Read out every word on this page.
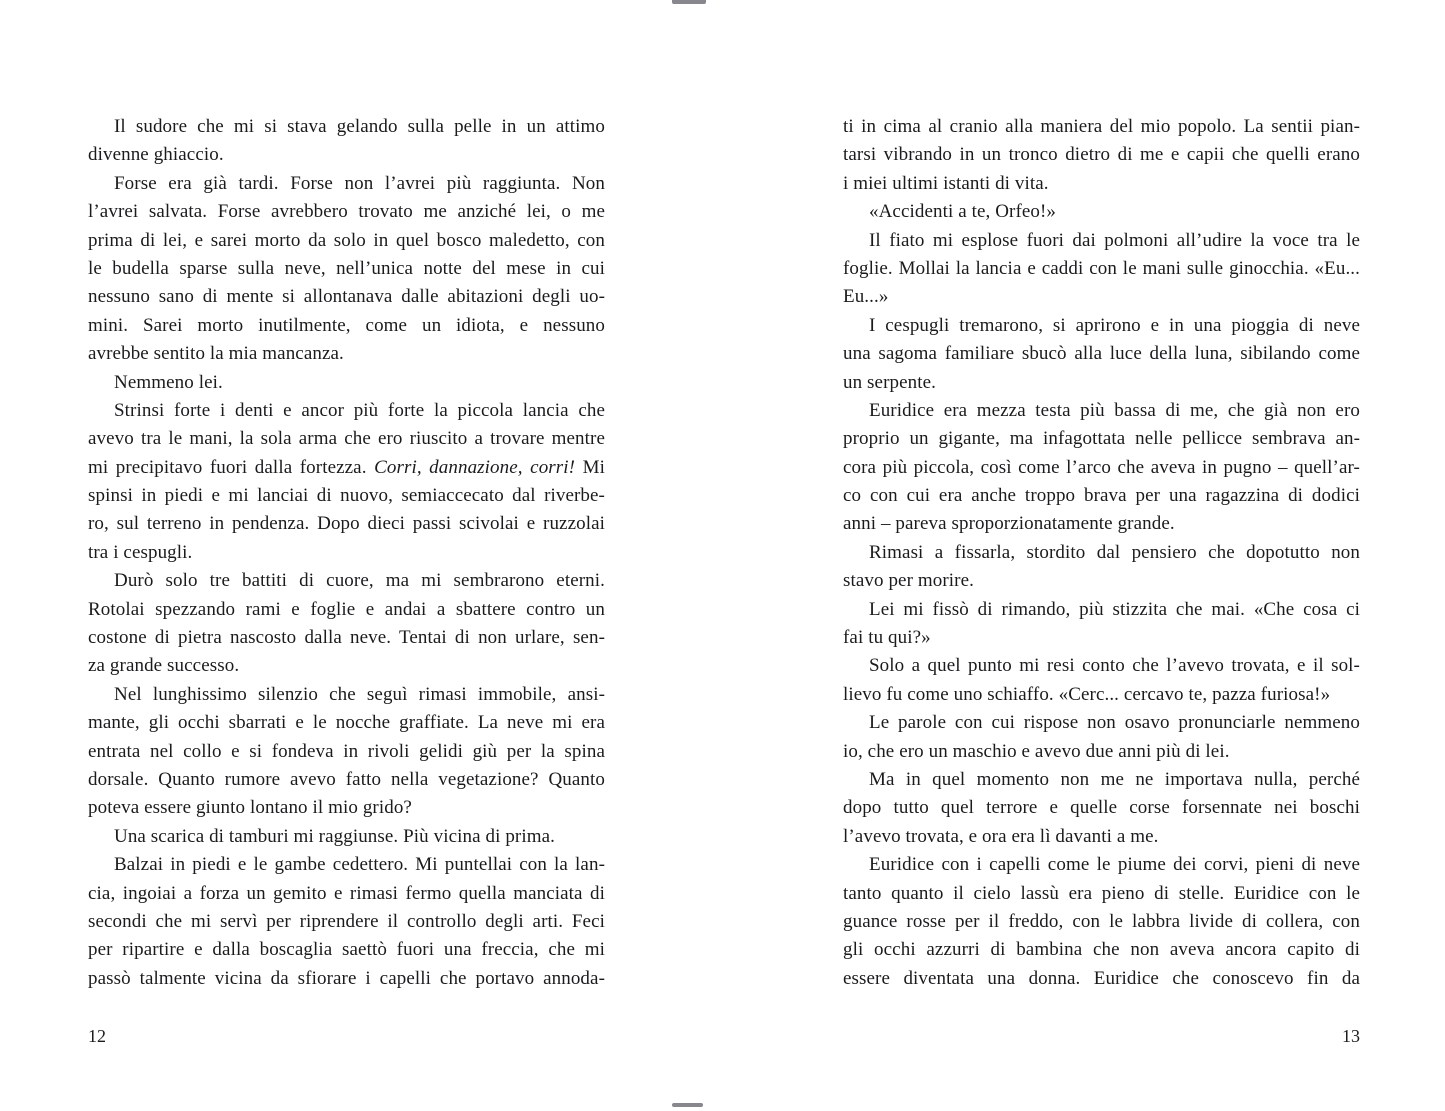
Il sudore che mi si stava gelando sulla pelle in un attimo
divenne ghiaccio.
Forse era già tardi. Forse non l’avrei più raggiunta. Non
l’avrei salvata. Forse avrebbero trovato me anziché lei, o me
prima di lei, e sarei morto da solo in quel bosco maledetto, con
le budella sparse sulla neve, nell’unica notte del mese in cui
nessuno sano di mente si allontanava dalle abitazioni degli uo-
mini. Sarei morto inutilmente, come un idiota, e nessuno
avrebbe sentito la mia mancanza.
Nemmeno lei.
Strinsi forte i denti e ancor più forte la piccola lancia che
avevo tra le mani, la sola arma che ero riuscito a trovare mentre
mi precipitavo fuori dalla fortezza. Corri, dannazione, corri! Mi
spinsi in piedi e mi lanciai di nuovo, semiaccecato dal riverbe-
ro, sul terreno in pendenza. Dopo dieci passi scivolai e ruzzolai
tra i cespugli.
Durò solo tre battiti di cuore, ma mi sembrarono eterni.
Rotolai spezzando rami e foglie e andai a sbattere contro un
costone di pietra nascosto dalla neve. Tentai di non urlare, sen-
za grande successo.
Nel lunghissimo silenzio che seguì rimasi immobile, ansi-
mante, gli occhi sbarrati e le nocche graffiate. La neve mi era
entrata nel collo e si fondeva in rivoli gelidi giù per la spina
dorsale. Quanto rumore avevo fatto nella vegetazione? Quanto
poteva essere giunto lontano il mio grido?
Una scarica di tamburi mi raggiunse. Più vicina di prima.
Balzai in piedi e le gambe cedettero. Mi puntellai con la lan-
cia, ingoiai a forza un gemito e rimasi fermo quella manciata di
secondi che mi servì per riprendere il controllo degli arti. Feci
per ripartire e dalla boscaglia saettò fuori una freccia, che mi
passò talmente vicina da sfiorare i capelli che portavo annoda-
12
ti in cima al cranio alla maniera del mio popolo. La sentii pian-
tarsi vibrando in un tronco dietro di me e capii che quelli erano
i miei ultimi istanti di vita.
«Accidenti a te, Orfeo!»
Il fiato mi esplose fuori dai polmoni all’udire la voce tra le
foglie. Mollai la lancia e caddi con le mani sulle ginocchia. «Eu...
Eu...»
I cespugli tremarono, si aprirono e in una pioggia di neve
una sagoma familiare sbucò alla luce della luna, sibilando come
un serpente.
Euridice era mezza testa più bassa di me, che già non ero
proprio un gigante, ma infagottata nelle pellicce sembrava an-
cora più piccola, così come l’arco che aveva in pugno – quell’ar-
co con cui era anche troppo brava per una ragazzina di dodici
anni – pareva sproporzionatamente grande.
Rimasi a fissarla, stordito dal pensiero che dopotutto non
stavo per morire.
Lei mi fissò di rimando, più stizzita che mai. «Che cosa ci
fai tu qui?»
Solo a quel punto mi resi conto che l’avevo trovata, e il sol-
lievo fu come uno schiaffo. «Cerc... cercavo te, pazza furiosa!»
Le parole con cui rispose non osavo pronunciarle nemmeno
io, che ero un maschio e avevo due anni più di lei.
Ma in quel momento non me ne importava nulla, perché
dopo tutto quel terrore e quelle corse forsennate nei boschi
l’avevo trovata, e ora era lì davanti a me.
Euridice con i capelli come le piume dei corvi, pieni di neve
tanto quanto il cielo lassù era pieno di stelle. Euridice con le
guance rosse per il freddo, con le labbra livide di collera, con
gli occhi azzurri di bambina che non aveva ancora capito di
essere diventata una donna. Euridice che conoscevo fin da
13
